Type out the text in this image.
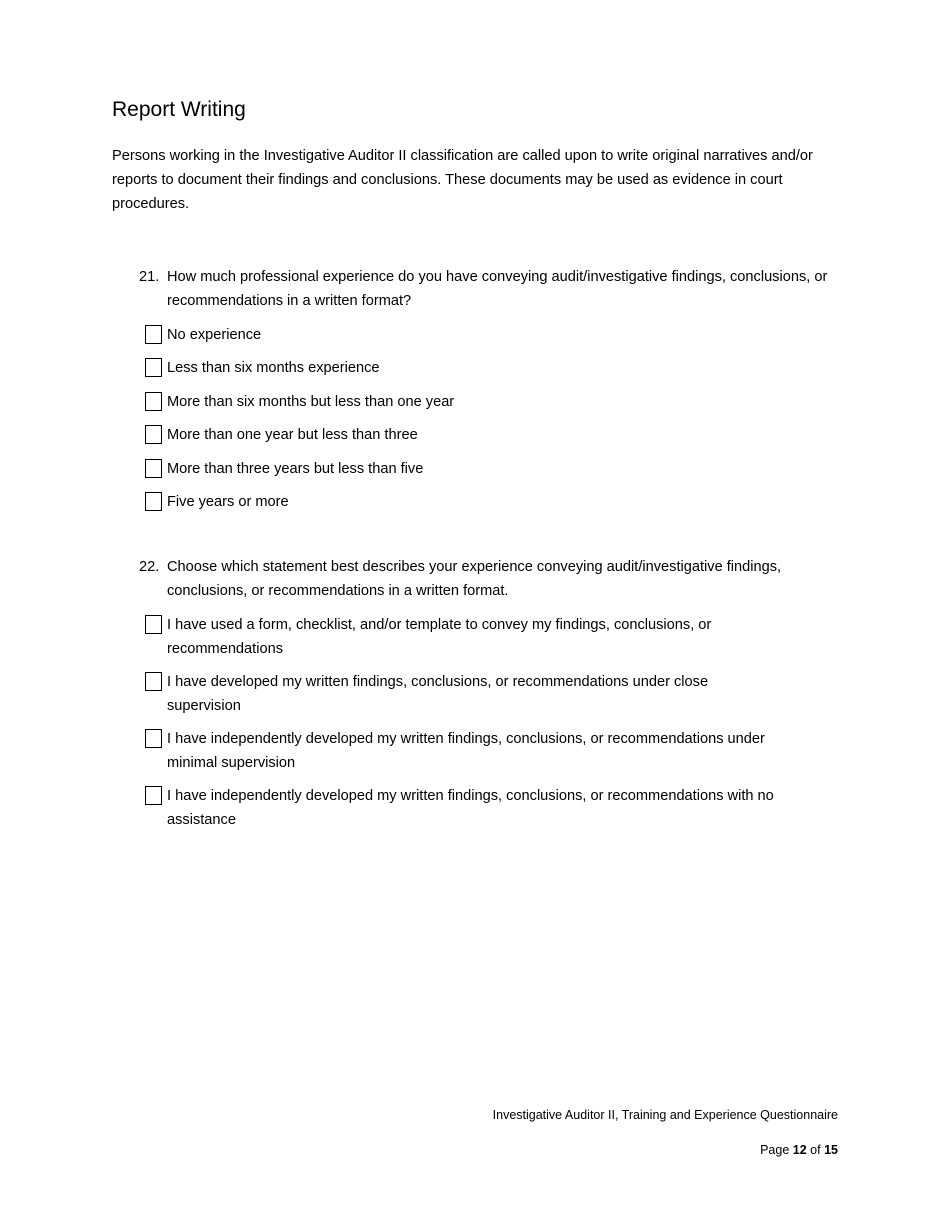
Report Writing

Persons working in the Investigative Auditor II classification are called upon to write original narratives and/or reports to document their findings and conclusions. These documents may be used as evidence in court procedures.

21. How much professional experience do you have conveying audit/investigative findings, conclusions, or recommendations in a written format?
No experience
Less than six months experience
More than six months but less than one year
More than one year but less than three
More than three years but less than five
Five years or more
22. Choose which statement best describes your experience conveying audit/investigative findings, conclusions, or recommendations in a written format.
I have used a form, checklist, and/or template to convey my findings, conclusions, or recommendations
I have developed my written findings, conclusions, or recommendations under close supervision
I have independently developed my written findings, conclusions, or recommendations under minimal supervision
I have independently developed my written findings, conclusions, or recommendations with no assistance
Investigative Auditor II, Training and Experience Questionnaire
Page 12 of 15
